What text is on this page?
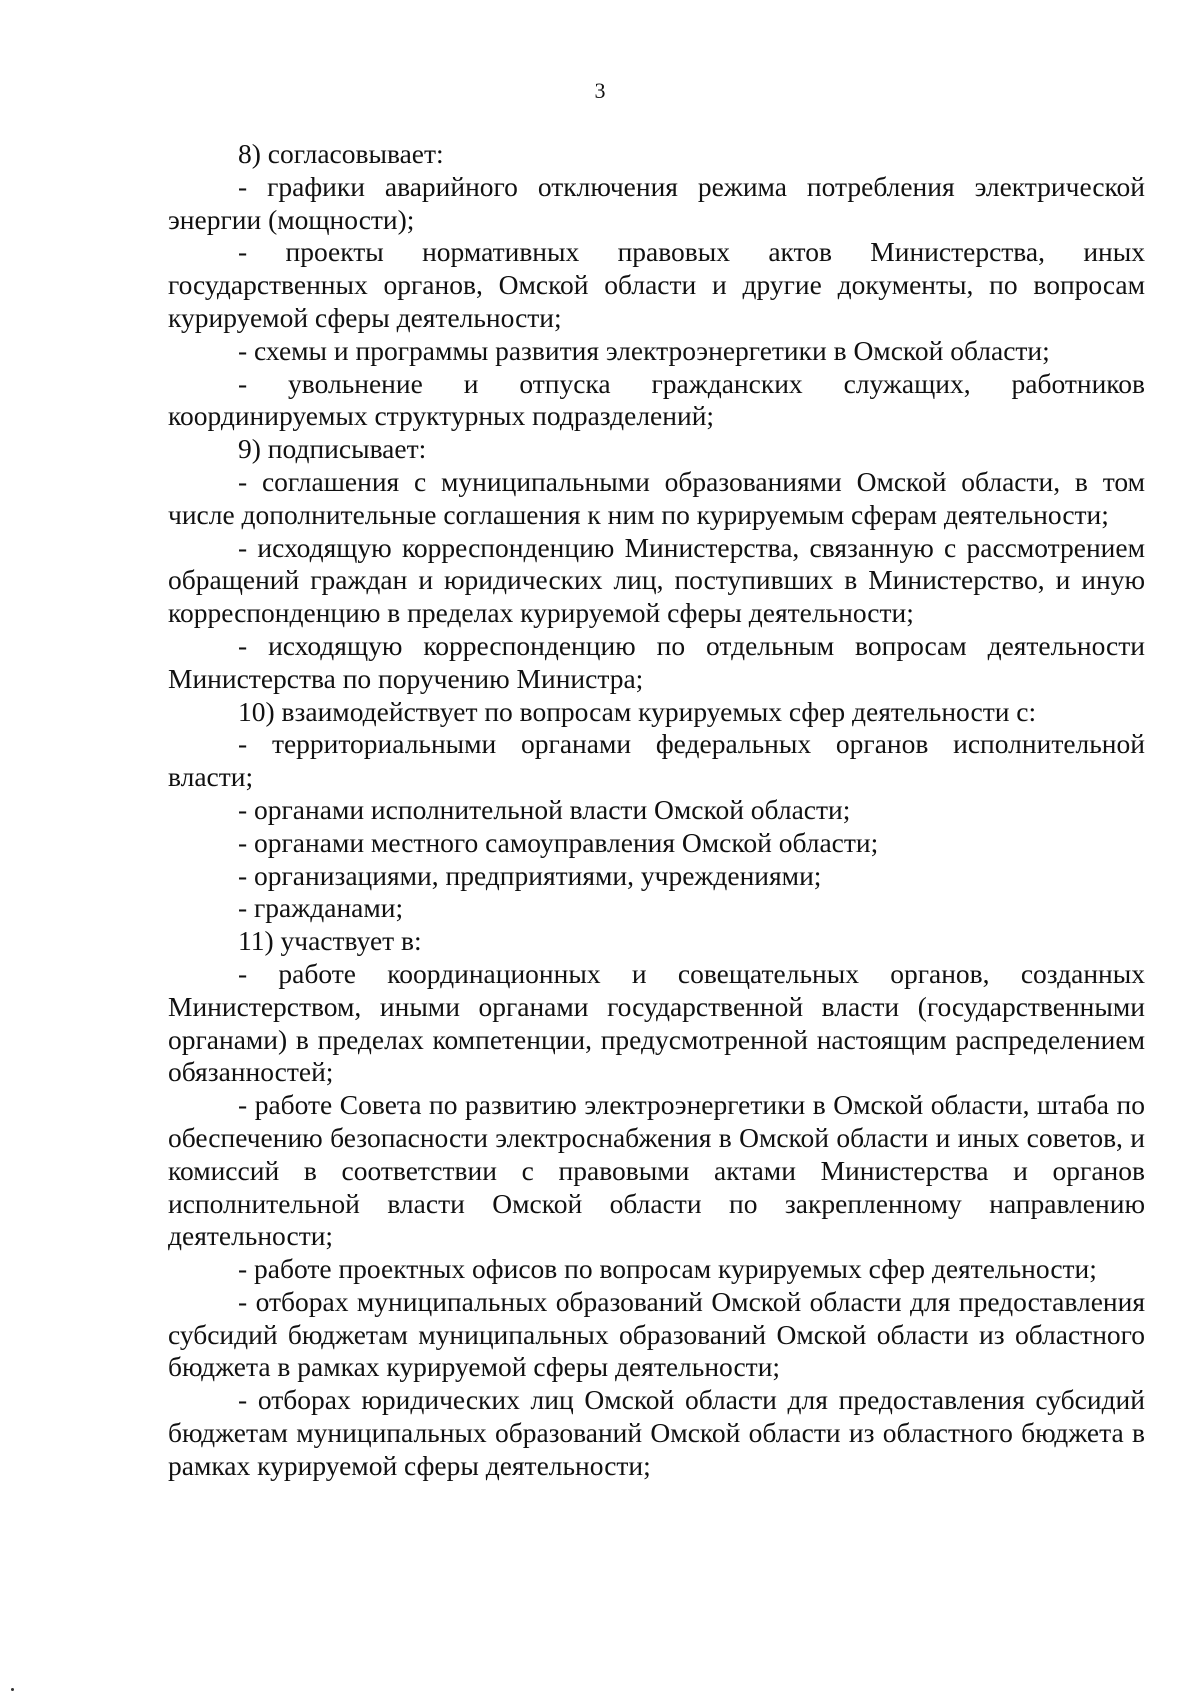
3

8) согласовывает:

- графики аварийного отключения режима потребления электрической энергии (мощности);

- проекты нормативных правовых актов Министерства, иных государственных органов, Омской области и другие документы, по вопросам курируемой сферы деятельности;

- схемы и программы развития электроэнергетики в Омской области;

- увольнение и отпуска гражданских служащих, работников координируемых структурных подразделений;

9) подписывает:

- соглашения с муниципальными образованиями Омской области, в том числе дополнительные соглашения к ним по курируемым сферам деятельности;

- исходящую корреспонденцию Министерства, связанную с рассмотрением обращений граждан и юридических лиц, поступивших в Министерство, и иную корреспонденцию в пределах курируемой сферы деятельности;

- исходящую корреспонденцию по отдельным вопросам деятельности Министерства по поручению Министра;

10) взаимодействует по вопросам курируемых сфер деятельности с:

- территориальными органами федеральных органов исполнительной власти;

- органами исполнительной власти Омской области;

- органами местного самоуправления Омской области;

- организациями, предприятиями, учреждениями;

- гражданами;

11) участвует в:

- работе координационных и совещательных органов, созданных Министерством, иными органами государственной власти (государственными органами) в пределах компетенции, предусмотренной настоящим распределением обязанностей;

- работе Совета по развитию электроэнергетики в Омской области, штаба по обеспечению безопасности электроснабжения в Омской области и иных советов, и комиссий в соответствии с правовыми актами Министерства и органов исполнительной власти Омской области по закрепленному направлению деятельности;

- работе проектных офисов по вопросам курируемых сфер деятельности;

- отборах муниципальных образований Омской области для предоставления субсидий бюджетам муниципальных образований Омской области из областного бюджета в рамках курируемой сферы деятельности;

- отборах юридических лиц Омской области для предоставления субсидий бюджетам муниципальных образований Омской области из областного бюджета в рамках курируемой сферы деятельности;
